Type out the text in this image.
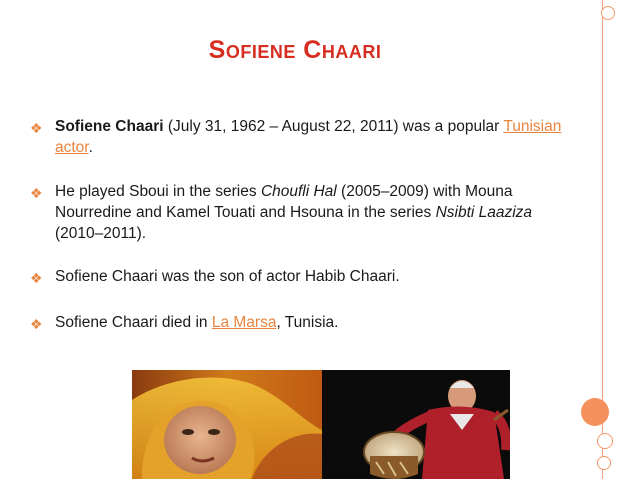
Sofiene Chaari
❖ Sofiene Chaari (July 31, 1962 – August 22, 2011) was a popular Tunisian actor.
❖ He played Sboui in the series Choufli Hal (2005–2009) with Mouna Nourredine and Kamel Touati and Hsouna in the series Nsibti Laaziza (2010–2011).
❖ Sofiene Chaari was the son of actor Habib Chaari.
❖ Sofiene Chaari died in La Marsa, Tunisia.
